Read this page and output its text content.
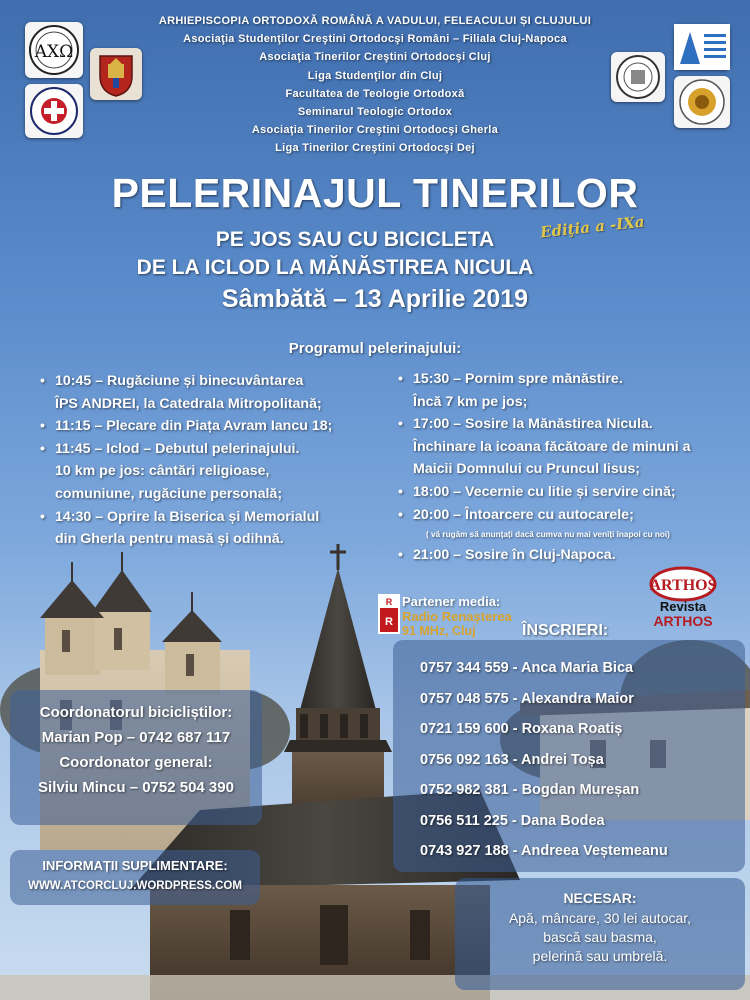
ΑΧΩ
ARHIEPISCOPIA ORTODOXĂ ROMÂNĂ A VADULUI, FELEACULUI ȘI CLUJULUI
Asociaţia Studenţilor Creştini Ortodocşi Români – Filiala Cluj-Napoca
Asociaţia Tinerilor Creştini Ortodocşi Cluj
Liga Studenţilor din Cluj
Facultatea de Teologie Ortodoxă
Seminarul Teologic Ortodox
Asociaţia Tinerilor Creştini Ortodocşi Gherla
Liga Tinerilor Creştini Ortodocşi Dej
PELERINAJUL TINERILOR
Ediţia a -IXa
PE JOS SAU CU BICICLETA
DE LA ICLOD LA MĂNĂSTIREA NICULA
Sâmbătă – 13 Aprilie 2019
Programul pelerinajului:
• 10:45 – Rugăciune și binecuvântarea
ÎPS ANDREI, la Catedrala Mitropolitană;
• 11:15 – Plecare din Piața Avram Iancu 18;
• 11:45 – Iclod – Debutul pelerinajului.
10 km pe jos: cântări religioase,
comuniune, rugăciune personală;
• 14:30 – Oprire la Biserica și Memorialul
din Gherla pentru masă și odihnă.
• 15:30 – Pornim spre mănăstire.
Încă 7 km pe jos;
• 17:00 – Sosire la Mănăstirea Nicula.
Închinare la icoana făcătoare de minuni a
Maicii Domnului cu Pruncul Iisus;
• 18:00 – Vecernie cu litie și servire cină;
• 20:00 – Întoarcere cu autocarele;
( vă rugăm să anunțați dacă cumva nu mai veniți înapoi cu noi)
• 21:00 – Sosire în Cluj-Napoca.
R
R
Partener media:
Radio Renașterea
91 MHz, Cluj
ARTHOS
Revista
ARTHOS
Coordonatorul bicicliștilor:
Marian Pop – 0742 687 117
Coordonator general:
Silviu Mincu – 0752 504 390
INFORMAȚII SUPLIMENTARE:
WWW.ATCORCLUJ.WORDPRESS.COM
ÎNSCRIERI:
0757 344 559 - Anca Maria Bica
0757 048 575 - Alexandra Maior
0721 159 600 - Roxana Roatiș
0756 092 163 - Andrei Toșa
0752 982 381 - Bogdan Mureșan
0756 511 225 - Dana Bodea
0743 927 188 - Andreea Veștemeanu
NECESAR:
Apă, mâncare, 30 lei autocar,
bască sau basma,
pelerină sau umbrelă.
